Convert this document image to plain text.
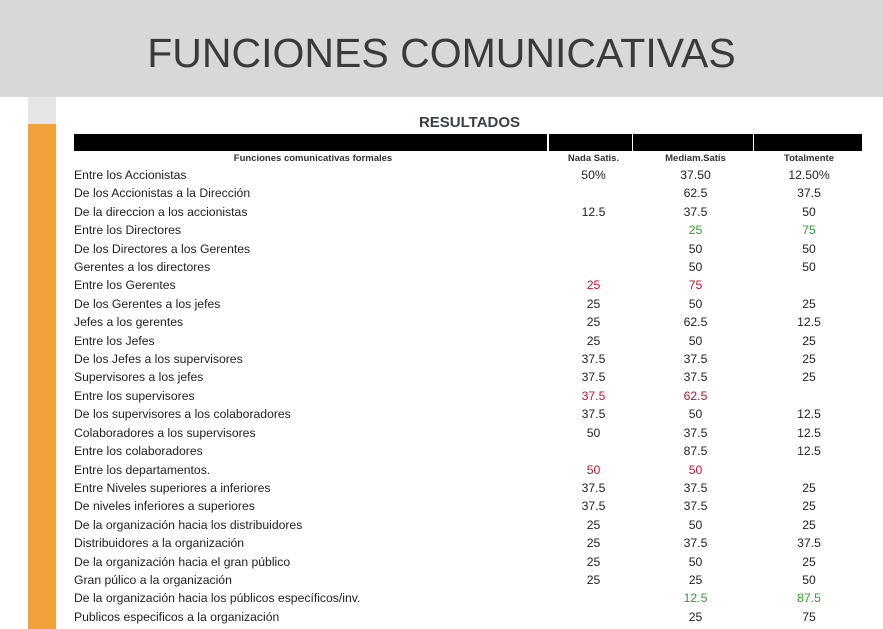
FUNCIONES COMUNICATIVAS
RESULTADOS
Funciones comunicativas formales	Nada Satis.	Mediam.Satis	Totalmente
Entre los Accionistas	50%	37.50	12.50%
De los Accionistas a la Dirección		62.5	37.5
De la direccion a los accionistas	12.5	37.5	50
Entre los Directores		25	75
De los Directores a los Gerentes		50	50
Gerentes a los directores		50	50
Entre los Gerentes	25	75	
De los Gerentes a los jefes	25	50	25
Jefes a los gerentes	25	62.5	12.5
Entre los Jefes	25	50	25
De los Jefes a los supervisores	37.5	37.5	25
Supervisores a los jefes	37.5	37.5	25
Entre los supervisores	37.5	62.5	
De los supervisores a los colaboradores	37.5	50	12.5
Colaboradores a los supervisores	50	37.5	12.5
Entre los colaboradores		87.5	12.5
Entre los departamentos.	50	50	
Entre Niveles superiores a inferiores	37.5	37.5	25
De niveles inferiores a superiores	37.5	37.5	25
De la organización hacia los distribuidores	25	50	25
Distribuidores a la organización	25	37.5	37.5
De la organización hacia el gran público	25	50	25
Gran púlico a la organización	25	25	50
De la organización hacia los públicos específicos/inv.		12.5	87.5
Publicos especificos a la organización		25	75
